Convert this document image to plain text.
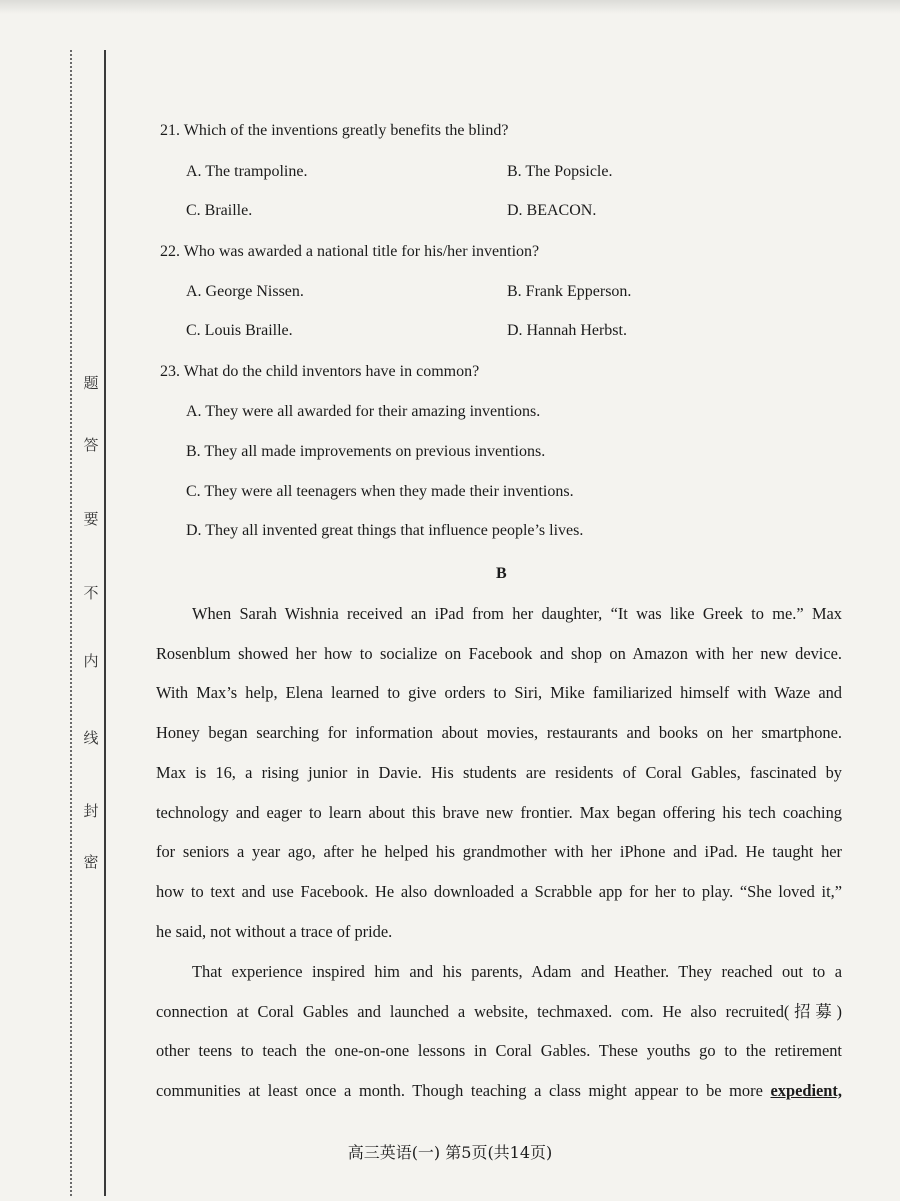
题
答
要
不
内
线
封
密

21. Which of the inventions greatly benefits the blind?

A. The trampoline.	B. The Popsicle.

C. Braille.	D. BEACON.

22. Who was awarded a national title for his/her invention?

A. George Nissen.	B. Frank Epperson.

C. Louis Braille.	D. Hannah Herbst.

23. What do the child inventors have in common?

A. They were all awarded for their amazing inventions.

B. They all made improvements on previous inventions.

C. They were all teenagers when they made their inventions.

D. They all invented great things that influence people’s lives.

B

When Sarah Wishnia received an iPad from her daughter, “It was like Greek to me.” Max
Rosenblum showed her how to socialize on Facebook and shop on Amazon with her new device.
With Max’s help, Elena learned to give orders to Siri, Mike familiarized himself with Waze and
Honey began searching for information about movies, restaurants and books on her smartphone.
Max is 16, a rising junior in Davie. His students are residents of Coral Gables, fascinated by
technology and eager to learn about this brave new frontier. Max began offering his tech coaching
for seniors a year ago, after he helped his grandmother with her iPhone and iPad. He taught her
how to text and use Facebook. He also downloaded a Scrabble app for her to play. “She loved it,”
he said, not without a trace of pride.
That experience inspired him and his parents, Adam and Heather. They reached out to a
connection at Coral Gables and launched a website, techmaxed. com. He also recruited(招募)
other teens to teach the one-on-one lessons in Coral Gables. These youths go to the retirement
communities at least once a month. Though teaching a class might appear to be more expedient,

高三英语(一) 第5页(共14页)
